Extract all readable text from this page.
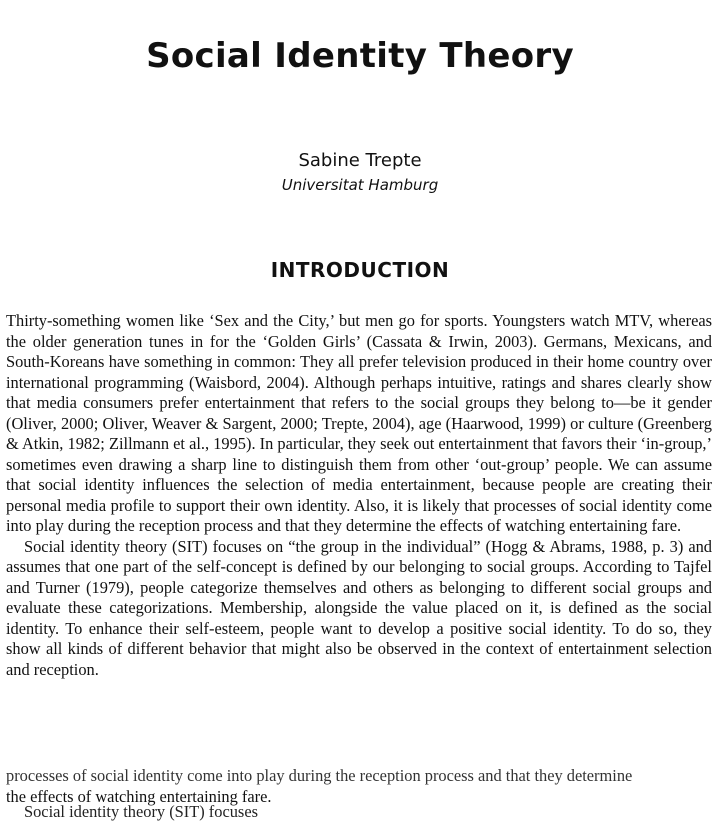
Social Identity Theory
Sabine Trepte
Universitat Hamburg
INTRODUCTION

Thirty-something women like ‘Sex and the City,’ but men go for sports. Youngsters watch MTV, whereas the older generation tunes in for the ‘Golden Girls’ (Cassata & Irwin, 2003). Germans, Mexicans, and South-Koreans have something in common: They all prefer television produced in their home country over international programming (Waisbord, 2004). Although perhaps intuitive, ratings and shares clearly show that media consumers prefer entertainment that refers to the social groups they belong to—be it gender (Oliver, 2000; Oliver, Weaver & Sargent, 2000; Trepte, 2004), age (Haarwood, 1999) or culture (Greenberg & Atkin, 1982; Zillmann et al., 1995). In particular, they seek out entertainment that favors their ‘in-group,’ sometimes even drawing a sharp line to distinguish them from other ‘out-group’ people. We can assume that social identity influences the selection of media entertainment, because people are creating their personal media profile to support their own identity. Also, it is likely that processes of social identity come into play during the reception process and that they determine the effects of watching entertaining fare.

Social identity theory (SIT) focuses on “the group in the individual” (Hogg & Abrams, 1988, p. 3) and assumes that one part of the self-concept is defined by our belonging to social groups. According to Tajfel and Turner (1979), people categorize themselves and others as belonging to different social groups and evaluate these categorizations. Membership, alongside the value placed on it, is defined as the social identity. To enhance their self-esteem, people want to develop a positive social identity. To do so, they show all kinds of different behavior that might also be observed in the context of entertainment selection and reception.

processes of social identity come into play during the reception process and that they determine

the effects of watching entertaining fare.

Social identity theory (SIT) focuses
